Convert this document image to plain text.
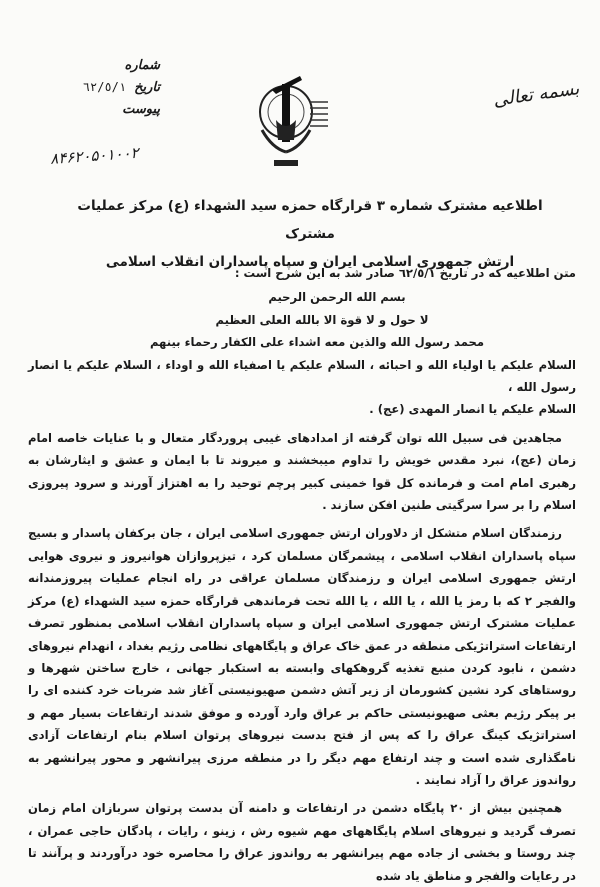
بسمه تعالی
شماره
تاریخ
٦٢/٥/١
پیوست
۸۴۶۲۰۵۰۱۰۰۲
اطلاعیه مشترک شماره ۳ قرارگاه حمزه سید الشهداء (ع) مرکز عملیات مشترک
ارتش جمهوری اسلامی ایران و سپاه پاسداران انقلاب اسلامی

متن اطلاعیه که در تاریخ ٦٢/٥/١ صادر شد به این شرح است :

بسم الله الرحمن الرحیم

لا حول و لا قوة الا بالله العلی العظیم

محمد رسول الله والذین معه اشداء علی الکفار رحماء بینهم

السلام علیکم یا اولیاء الله و احبائه ، السلام علیکم یا اصفیاء الله و اوداء ، السلام علیکم یا انصار رسول الله ،

السلام علیکم یا انصار المهدی (عج) .

مجاهدین فی سبیل الله توان گرفته از امدادهای غیبی پروردگار متعال و با عنایات خاصه امام زمان (عج)، نبرد مقدس خویش را تداوم میبخشند و میروند تا با ایمان و عشق و ایثارشان به رهبری امام امت و فرمانده کل قوا خمینی کبیر پرچم توحید را به اهتزاز آورند و سرود پیروزی اسلام را بر سرا سرگیتی طنین افکن سازند .

رزمندگان اسلام متشکل از دلاوران ارتش جمهوری اسلامی ایران ، جان برکفان پاسدار و بسیج سپاه پاسداران انقلاب اسلامی ، پیشمرگان مسلمان کرد ، تیزپروازان هوانیروز و نیروی هوایی ارتش جمهوری اسلامی ایران و رزمندگان مسلمان عراقی در راه انجام عملیات پیروزمندانه والفجر ۲ که با رمز یا الله ، یا الله ، یا الله تحت فرماندهی قرارگاه حمزه سید الشهداء (ع) مرکز عملیات مشترک ارتش جمهوری اسلامی ایران و سپاه پاسداران انقلاب اسلامی بمنظور تصرف ارتفاعات استراتژیکی منطقه در عمق خاک عراق و پایگاههای نظامی رژیم بغداد ، انهدام نیروهای دشمن ، نابود کردن منبع تغذیه گروهکهای وابسته به استکبار جهانی ، خارج ساختن شهرها و روستاهای کرد نشین کشورمان از زیر آتش دشمن صهیونیستی آغاز شد ضربات خرد کننده ای را بر پیکر رژیم بعثی صهیونیستی حاکم بر عراق وارد آورده و موفق شدند ارتفاعات بسیار مهم و استراتژیک کینگ عراق را که پس از فتح بدست نیروهای پرتوان اسلام بنام ارتفاعات آزادی نامگذاری شده است و چند ارتفاع مهم دیگر را در منطقه مرزی پیرانشهر و محور پیرانشهر به رواندوز عراق را آزاد نمایند .

همچنین بیش از ۲۰ پایگاه دشمن در ارتفاعات و دامنه آن بدست پرتوان سربازان امام زمان تصرف گردید و نیروهای اسلام پایگاههای مهم شیوه رش ، زینو ، رایات ، پادگان حاجی عمران ، چند روستا و بخشی از جاده مهم پیرانشهر به رواندوز عراق را محاصره خود درآوردند و پرآنند تا در رعایات والفجر و مناطق یاد شده
